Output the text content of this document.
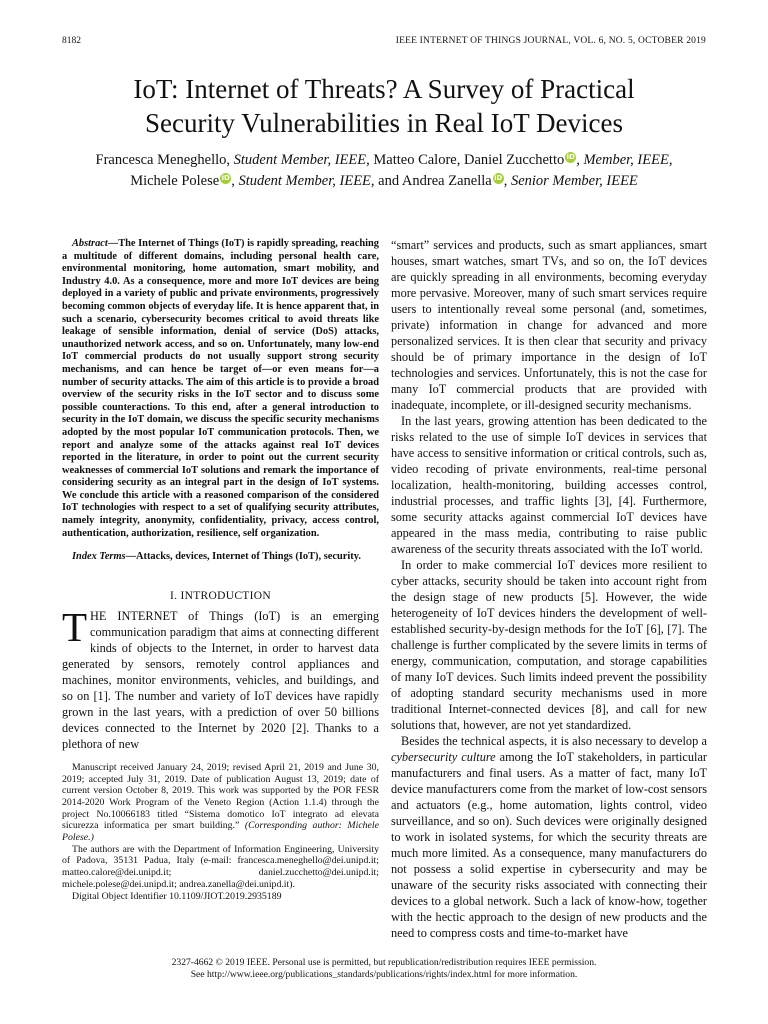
8182	IEEE INTERNET OF THINGS JOURNAL, VOL. 6, NO. 5, OCTOBER 2019
IoT: Internet of Threats? A Survey of Practical
Security Vulnerabilities in Real IoT Devices
Francesca Meneghello, Student Member, IEEE, Matteo Calore, Daniel Zucchetto iD, Member, IEEE,
Michele Polese iD, Student Member, IEEE, and Andrea Zanella iD, Senior Member, IEEE

Abstract—The Internet of Things (IoT) is rapidly spreading, reaching a multitude of different domains, including personal health care, environmental monitoring, home automation, smart mobility, and Industry 4.0. As a consequence, more and more IoT devices are being deployed in a variety of public and private environments, progressively becoming common objects of everyday life. It is hence apparent that, in such a scenario, cybersecurity becomes critical to avoid threats like leakage of sensible information, denial of service (DoS) attacks, unauthorized network access, and so on. Unfortunately, many low-end IoT commercial products do not usually support strong security mechanisms, and can hence be target of—or even means for—a number of security attacks. The aim of this article is to provide a broad overview of the security risks in the IoT sector and to discuss some possible counteractions. To this end, after a general introduction to security in the IoT domain, we discuss the specific security mechanisms adopted by the most popular IoT communication protocols. Then, we report and analyze some of the attacks against real IoT devices reported in the literature, in order to point out the current security weaknesses of commercial IoT solutions and remark the importance of considering security as an integral part in the design of IoT systems. We conclude this article with a reasoned comparison of the considered IoT technologies with respect to a set of qualifying security attributes, namely integrity, anonymity, confidentiality, privacy, access control, authentication, authorization, resilience, self organization.

Index Terms—Attacks, devices, Internet of Things (IoT), security.

I. INTRODUCTION

THE INTERNET of Things (IoT) is an emerging communication paradigm that aims at connecting different kinds of objects to the Internet, in order to harvest data generated by sensors, remotely control appliances and machines, monitor environments, vehicles, and buildings, and so on [1]. The number and variety of IoT devices have rapidly grown in the last years, with a prediction of over 50 billions devices connected to the Internet by 2020 [2]. Thanks to a plethora of new

Manuscript received January 24, 2019; revised April 21, 2019 and June 30, 2019; accepted July 31, 2019. Date of publication August 13, 2019; date of current version October 8, 2019. This work was supported by the POR FESR 2014-2020 Work Program of the Veneto Region (Action 1.1.4) through the project No.10066183 titled “Sistema domotico IoT integrato ad elevata sicurezza informatica per smart building.” (Corresponding author: Michele Polese.)

The authors are with the Department of Information Engineering, University of Padova, 35131 Padua, Italy (e-mail: francesca.meneghello@dei.unipd.it; matteo.calore@dei.unipd.it; daniel.zucchetto@dei.unipd.it; michele.polese@dei.unipd.it; andrea.zanella@dei.unipd.it).

Digital Object Identifier 10.1109/JIOT.2019.2935189

“smart” services and products, such as smart appliances, smart houses, smart watches, smart TVs, and so on, the IoT devices are quickly spreading in all environments, becoming everyday more pervasive. Moreover, many of such smart services require users to intentionally reveal some personal (and, sometimes, private) information in change for advanced and more personalized services. It is then clear that security and privacy should be of primary importance in the design of IoT technologies and services. Unfortunately, this is not the case for many IoT commercial products that are provided with inadequate, incomplete, or ill-designed security mechanisms.

In the last years, growing attention has been dedicated to the risks related to the use of simple IoT devices in services that have access to sensitive information or critical controls, such as, video recoding of private environments, real-time personal localization, health-monitoring, building accesses control, industrial processes, and traffic lights [3], [4]. Furthermore, some security attacks against commercial IoT devices have appeared in the mass media, contributing to raise public awareness of the security threats associated with the IoT world.

In order to make commercial IoT devices more resilient to cyber attacks, security should be taken into account right from the design stage of new products [5]. However, the wide heterogeneity of IoT devices hinders the development of well-established security-by-design methods for the IoT [6], [7]. The challenge is further complicated by the severe limits in terms of energy, communication, computation, and storage capabilities of many IoT devices. Such limits indeed prevent the possibility of adopting standard security mechanisms used in more traditional Internet-connected devices [8], and call for new solutions that, however, are not yet standardized.

Besides the technical aspects, it is also necessary to develop a cybersecurity culture among the IoT stakeholders, in particular manufacturers and final users. As a matter of fact, many IoT device manufacturers come from the market of low-cost sensors and actuators (e.g., home automation, lights control, video surveillance, and so on). Such devices were originally designed to work in isolated systems, for which the security threats are much more limited. As a consequence, many manufacturers do not possess a solid expertise in cybersecurity and may be unaware of the security risks associated with connecting their devices to a global network. Such a lack of know-how, together with the hectic approach to the design of new products and the need to compress costs and time-to-market have

2327-4662 © 2019 IEEE. Personal use is permitted, but republication/redistribution requires IEEE permission.
See http://www.ieee.org/publications_standards/publications/rights/index.html for more information.
